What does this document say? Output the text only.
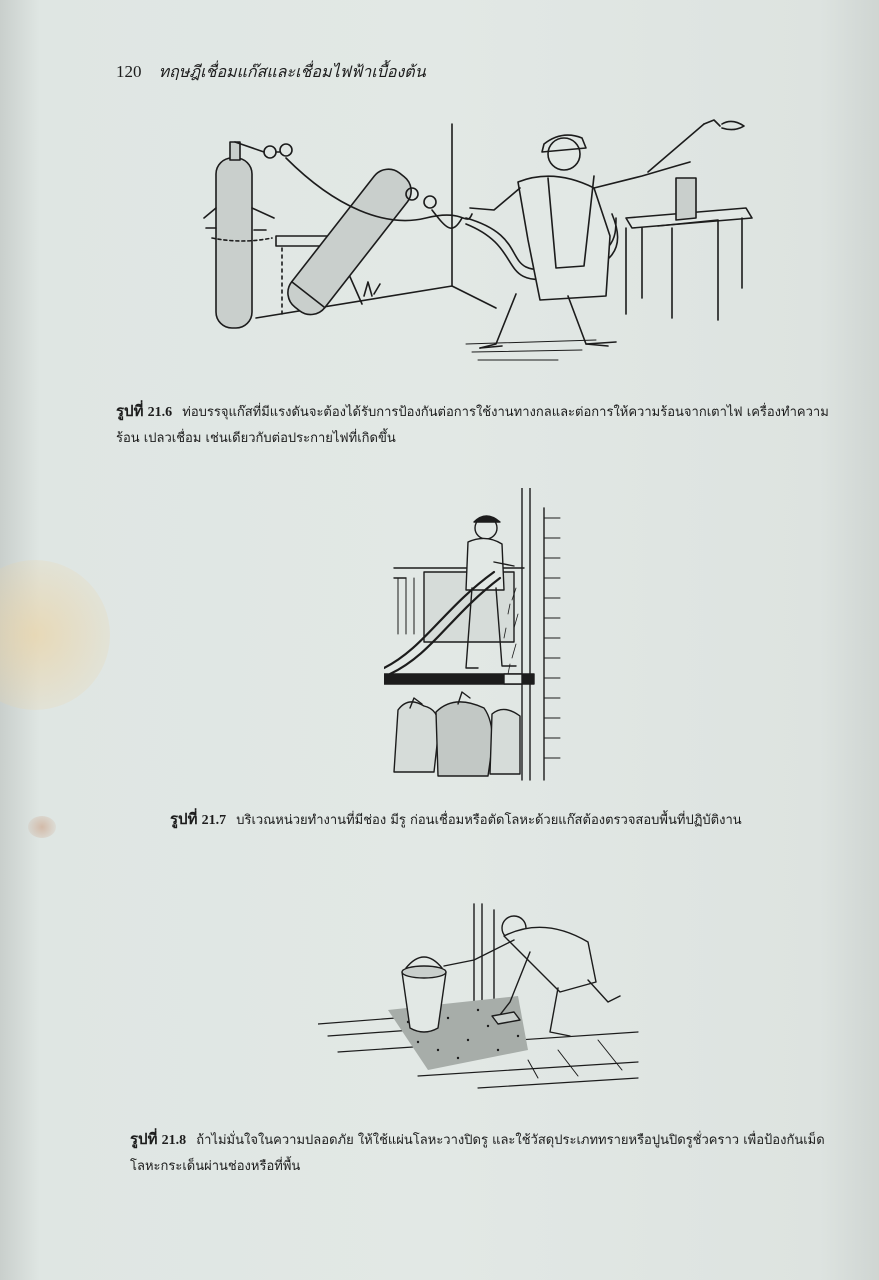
120 ทฤษฎีเชื่อมแก๊สและเชื่อมไฟฟ้าเบื้องต้น
รูปที่ 21.6 ท่อบรรจุแก๊สที่มีแรงดันจะต้องได้รับการป้องกันต่อการใช้งานทางกลและต่อการให้ความร้อนจากเตาไฟ เครื่องทำความร้อน เปลวเชื่อม เช่นเดียวกับต่อประกายไฟที่เกิดขึ้น
รูปที่ 21.7 บริเวณหน่วยทำงานที่มีช่อง มีรู ก่อนเชื่อมหรือตัดโลหะด้วยแก๊สต้องตรวจสอบพื้นที่ปฏิบัติงาน
รูปที่ 21.8 ถ้าไม่มั่นใจในความปลอดภัย ให้ใช้แผ่นโลหะวางปิดรู และใช้วัสดุประเภททรายหรือปูนปิดรูชั่วคราว เพื่อป้องกันเม็ดโลหะกระเด็นผ่านช่องหรือที่พื้น
